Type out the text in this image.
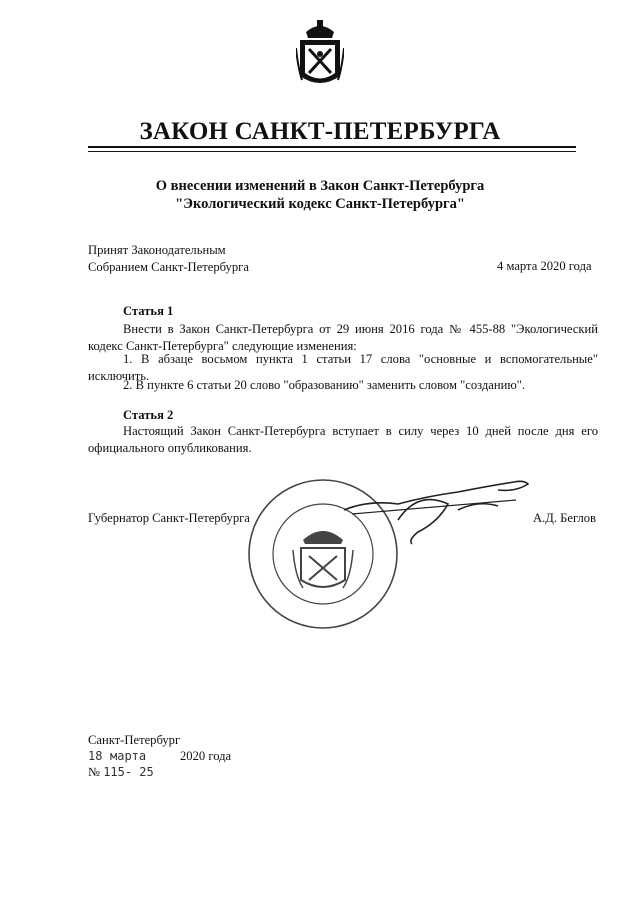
ЗАКОН САНКТ-ПЕТЕРБУРГА
О внесении изменений в Закон Санкт-Петербурга
"Экологический кодекс Санкт-Петербурга"
Принят Законодательным
Собранием Санкт-Петербурга	4 марта 2020 года
Статья 1
Внести в Закон Санкт-Петербурга от 29 июня 2016 года № 455-88 "Экологический кодекс Санкт-Петербурга" следующие изменения:
1. В абзаце восьмом пункта 1 статьи 17 слова "основные и вспомогательные" исключить.
2. В пункте 6 статьи 20 слово "образованию" заменить словом "созданию".
Статья 2
Настоящий Закон Санкт-Петербурга вступает в силу через 10 дней после дня его официального опубликования.
Губернатор Санкт-Петербурга	А.Д. Беглов
Санкт-Петербург
18 марта	2020 года
№ 115- 25
